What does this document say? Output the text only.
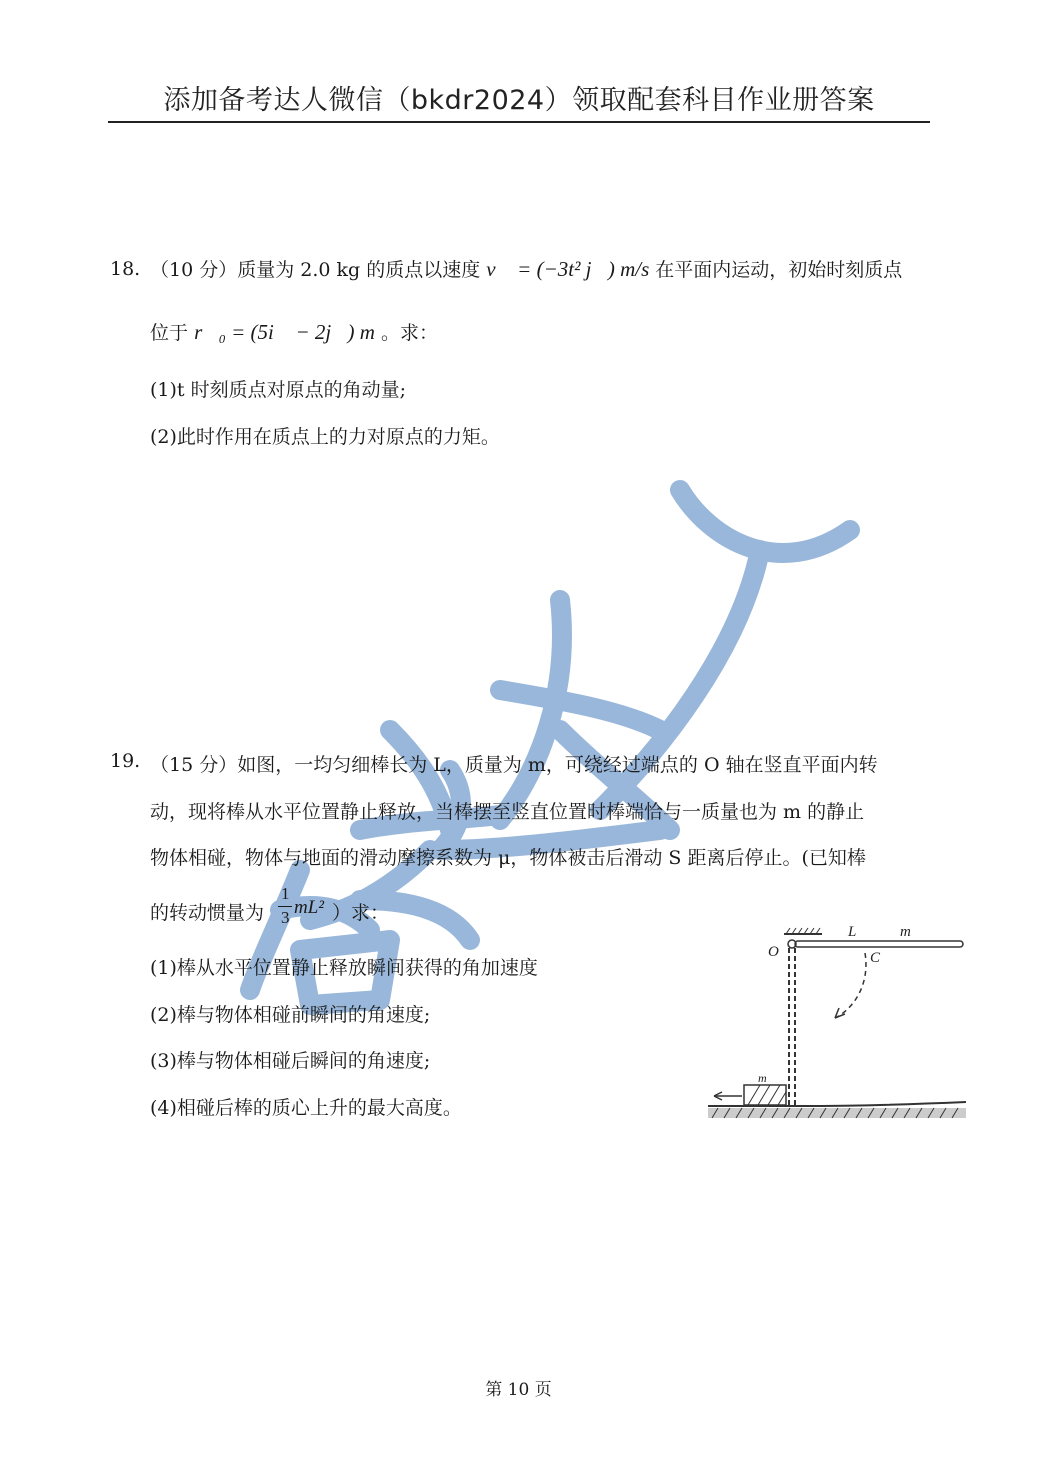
添加备考达人微信（bkdr2024）领取配套科目作业册答案
18. （10 分）质量为 2.0 kg 的质点以速度 v⃗ = (−3t² j⃗) m/s 在平面内运动，初始时刻质点
位于 r⃗₀ = (5i⃗ − 2j⃗) m 。求：
(1)t 时刻质点对原点的角动量;
(2)此时作用在质点上的力对原点的力矩。
备考达人
19. （15 分）如图，一均匀细棒长为 L，质量为 m，可绕经过端点的 O 轴在竖直平面内转
动，现将棒从水平位置静止释放，当棒摆至竖直位置时棒端恰与一质量也为 m 的静止
物体相碰，物体与地面的滑动摩擦系数为 μ，物体被击后滑动 S 距离后停止。(已知棒
的转动惯量为
1
3 mL² ）求：
(1)棒从水平位置静止释放瞬间获得的角加速度
(2)棒与物体相碰前瞬间的角速度;
(3)棒与物体相碰后瞬间的角速度;
(4)相碰后棒的质心上升的最大高度。
O
L	m
C
m
第 10 页
